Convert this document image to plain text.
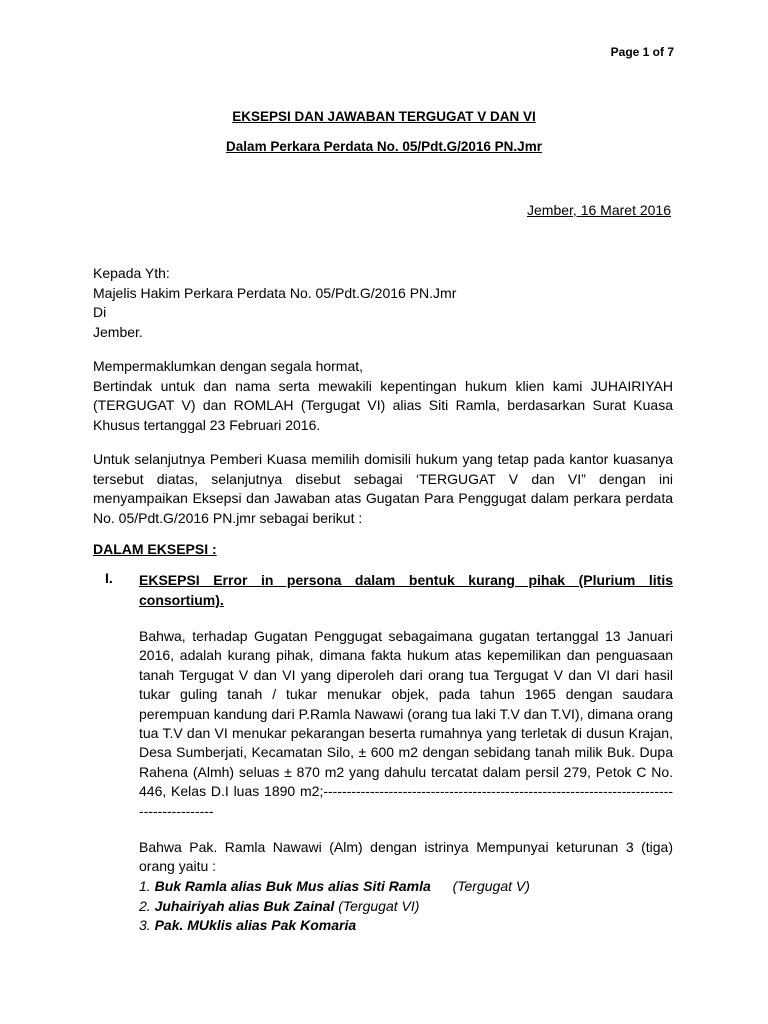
Page 1 of 7
EKSEPSI DAN JAWABAN TERGUGAT V DAN VI
Dalam Perkara Perdata No. 05/Pdt.G/2016 PN.Jmr
Jember, 16 Maret 2016
Kepada Yth:
Majelis Hakim Perkara Perdata No. 05/Pdt.G/2016 PN.Jmr
Di
Jember.
Mempermaklumkan dengan segala hormat,
Bertindak untuk dan nama serta mewakili kepentingan hukum klien kami JUHAIRIYAH (TERGUGAT V) dan ROMLAH (Tergugat VI) alias Siti Ramla, berdasarkan Surat Kuasa Khusus tertanggal 23 Februari 2016.
Untuk selanjutnya Pemberi Kuasa memilih domisili hukum yang tetap pada kantor kuasanya tersebut diatas, selanjutnya disebut sebagai ‘TERGUGAT V dan VI” dengan ini menyampaikan Eksepsi dan Jawaban atas Gugatan Para Penggugat dalam perkara perdata No. 05/Pdt.G/2016 PN.jmr sebagai berikut :
DALAM EKSEPSI :
I. EKSEPSI Error in persona dalam bentuk kurang pihak (Plurium litis consortium).
Bahwa, terhadap Gugatan Penggugat sebagaimana gugatan tertanggal 13 Januari 2016, adalah kurang pihak, dimana fakta hukum atas kepemilikan dan penguasaan tanah Tergugat V dan VI yang diperoleh dari orang tua Tergugat V dan VI dari hasil tukar guling tanah / tukar menukar objek, pada tahun 1965 dengan saudara perempuan kandung dari P.Ramla Nawawi (orang tua laki T.V dan T.VI), dimana orang tua T.V dan VI menukar pekarangan beserta rumahnya yang terletak di dusun Krajan, Desa Sumberjati, Kecamatan Silo, ± 600 m2 dengan sebidang tanah milik Buk. Dupa Rahena (Almh) seluas ± 870 m2 yang dahulu tercatat dalam persil 279, Petok C No. 446, Kelas D.I luas 1890 m2;-------------------------------------------------------------------------------------------
Bahwa Pak. Ramla Nawawi (Alm) dengan istrinya Mempunyai keturunan 3 (tiga) orang yaitu :
1. Buk Ramla alias Buk Mus alias Siti Ramla (Tergugat V)
2. Juhairiyah alias Buk Zainal (Tergugat VI)
3. Pak. MUklis alias Pak Komaria
